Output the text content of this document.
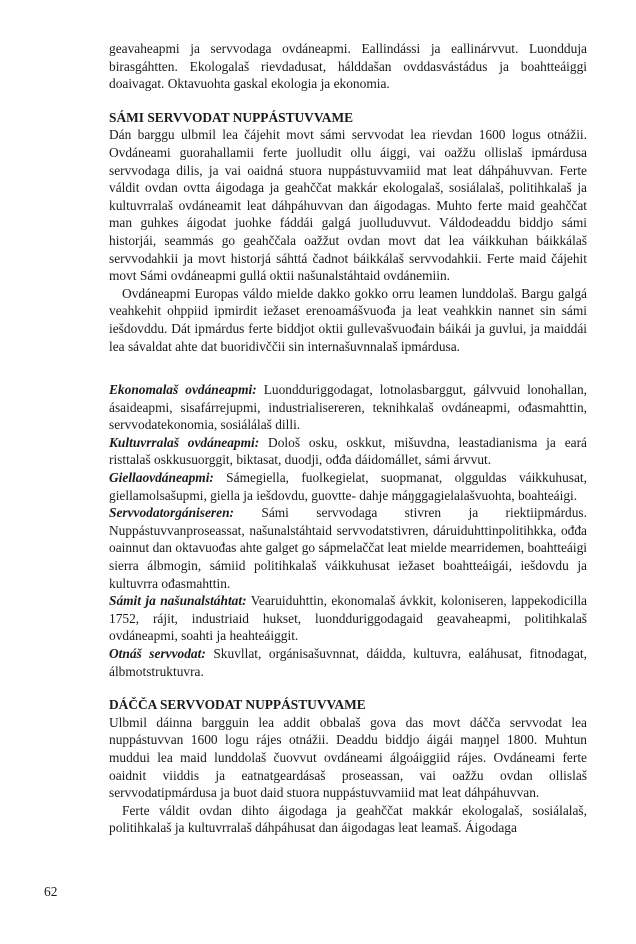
geavaheapmi ja servvodaga ovdáneapmi. Eallindássi ja eallinárvvut. Luondduja birasgáhtten. Ekologalaš rievdadusat, hálddašan ovddasvástádus ja boahtteáiggi doaivagat. Oktavuohta gaskal ekologia ja ekonomia.

SÁMI SERVVODAT NUPPÁSTUVVAME

Dán barggu ulbmil lea čájehit movt sámi servvodat lea rievdan 1600 logus otnážii. Ovdáneami guorahallamii ferte juolludit ollu áiggi, vai oažžu ollislaš ipmárdusa servvodaga dilis, ja vai oaidná stuora nuppástuvvamiid mat leat dáhpáhuvvan. Ferte váldit ovdan ovtta áigodaga ja geahččat makkár ekologalaš, sosiálalaš, politihkalaš ja kultuvrralaš ovdáneamit leat dáhpáhuvvan dan áigodagas. Muhto ferte maid geahččat man guhkes áigodat juohke fáddái galgá juolluduvvut. Váldodeaddu biddjo sámi historjái, seammás go geahččala oažžut ovdan movt dat lea váikkuhan báikkálaš servvodahkii ja movt historjá sáhttá čadnot báikkálaš servvodahkii. Ferte maid čájehit movt Sámi ovdáneapmi gullá oktii našunalstáhtaid ovdánemiin.

Ovdáneapmi Europas váldo mielde dakko gokko orru leamen lunddolaš. Bargu galgá veahkehit ohppiid ipmirdit iežaset erenoamášvuođa ja leat veahkkin nannet sin sámi iešdovddu. Dát ipmárdus ferte biddjot oktii gullevašvuođain báikái ja guvlui, ja maiddái lea sávaldat ahte dat buoridivččii sin internašuvnnalaš ipmárdusa.

Ekonomalaš ovdáneapmi: Luondduriggodagat, lotnolasbarggut, gálvvuid lonohallan, ásaideapmi, sisafárrejupmi, industrialisereren, teknihkalaš ovdáneapmi, ođasmahttin, servvodatekonomia, sosiálálaš dilli.

Kultuvrralaš ovdáneapmi: Dološ osku, oskkut, mišuvdna, leastadianisma ja eará risttalaš oskkusuorggit, biktasat, duodji, ođđa dáidomállet, sámi árvvut.

Giellaovdáneapmi: Sámegiella, fuolkegielat, suopmanat, olgguldas váikkuhusat, giellamolsašupmi, giella ja iešdovdu, guovtte- dahje máŋggagielalašvuohta, boahteáigi.

Servvodatorgániseren: Sámi servvodaga stivren ja riektiipmárdus. Nuppástuvvanproseassat, našunalstáhtaid servvodatstivren, dáruiduhttinpolitihkka, ođđa oainnut dan oktavuođas ahte galget go sápmelaččat leat mielde mearridemen, boahtteáigi sierra álbmogin, sámiid politihkalaš váikkuhusat iežaset boahtteáigái, iešdovdu ja kultuvrra ođasmahttin.

Sámit ja našunalstáhtat: Vearuiduhttin, ekonomalaš ávkkit, koloniseren, lappekodicilla 1752, rájit, industriaid hukset, luondduriggodagaid geavaheapmi, politihkalaš ovdáneapmi, soahti ja heahteáiggit.

Otnáš servvodat: Skuvllat, orgánisašuvnnat, dáidda, kultuvra, ealáhusat, fitnodagat, álbmotstruktuvra.

DÁČČA SERVVODAT NUPPÁSTUVVAME

Ulbmil dáinna bargguin lea addit obbalaš gova das movt dáčča servvodat lea nuppástuvvan 1600 logu rájes otnážii. Deaddu biddjo áigái maŋŋel 1800. Muhtun muddui lea maid lunddolaš čuovvut ovdáneami álgoáiggiid rájes. Ovdáneami ferte oaidnit viiddis ja eatnatgeardásaš proseassan, vai oažžu ovdan ollislaš servvodatipmárdusa ja buot daid stuora nuppástuvvamiid mat leat dáhpáhuvvan.

Ferte váldit ovdan dihto áigodaga ja geahččat makkár ekologalaš, sosiálalaš, politihkalaš ja kultuvrralaš dáhpáhusat dan áigodagas leat leamaš. Áigodaga

62
